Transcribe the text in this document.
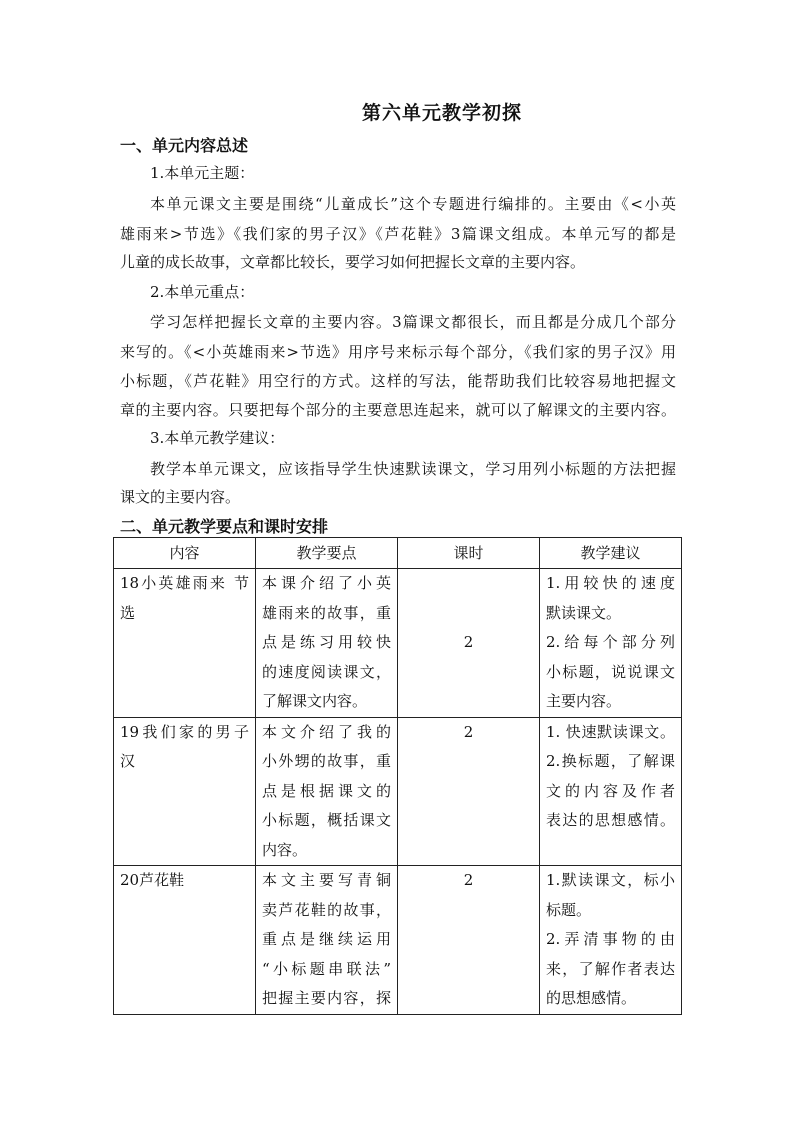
第六单元教学初探
一、单元内容总述
1.本单元主题：
本单元课文主要是围绕“儿童成长”这个专题进行编排的。主要由《<小英
雄雨来>节选》《我们家的男子汉》《芦花鞋》3篇课文组成。本单元写的都是
儿童的成长故事，文章都比较长，要学习如何把握长文章的主要内容。
2.本单元重点：
学习怎样把握长文章的主要内容。3篇课文都很长，而且都是分成几个部分
来写的。《<小英雄雨来>节选》用序号来标示每个部分，《我们家的男子汉》用
小标题，《芦花鞋》用空行的方式。这样的写法，能帮助我们比较容易地把握文
章的主要内容。只要把每个部分的主要意思连起来，就可以了解课文的主要内容。
3.本单元教学建议：
教学本单元课文，应该指导学生快速默读课文，学习用列小标题的方法把握
课文的主要内容。
二、单元教学要点和课时安排
内容	教学要点	课时	教学建议

18小英雄雨来 节
选	本课介绍了小英
雄雨来的故事，重
点是练习用较快
的速度阅读课文，
了解课文内容。	2	1.用较快的速度
默读课文。
2.给每个部分列
小标题，说说课文
主要内容。

19我们家的男子
汉	本文介绍了我的
小外甥的故事，重
点是根据课文的
小标题，概括课文
内容。	2	1. 快速默读课文。
2.换标题，了解课
文的内容及作者
表达的思想感情。

20芦花鞋	本文主要写青铜
卖芦花鞋的故事，
重点是继续运用
“小标题串联法”
把握主要内容，探	2	1.默读课文，标小
标题。
2.弄清事物的由
来，了解作者表达
的思想感情。
